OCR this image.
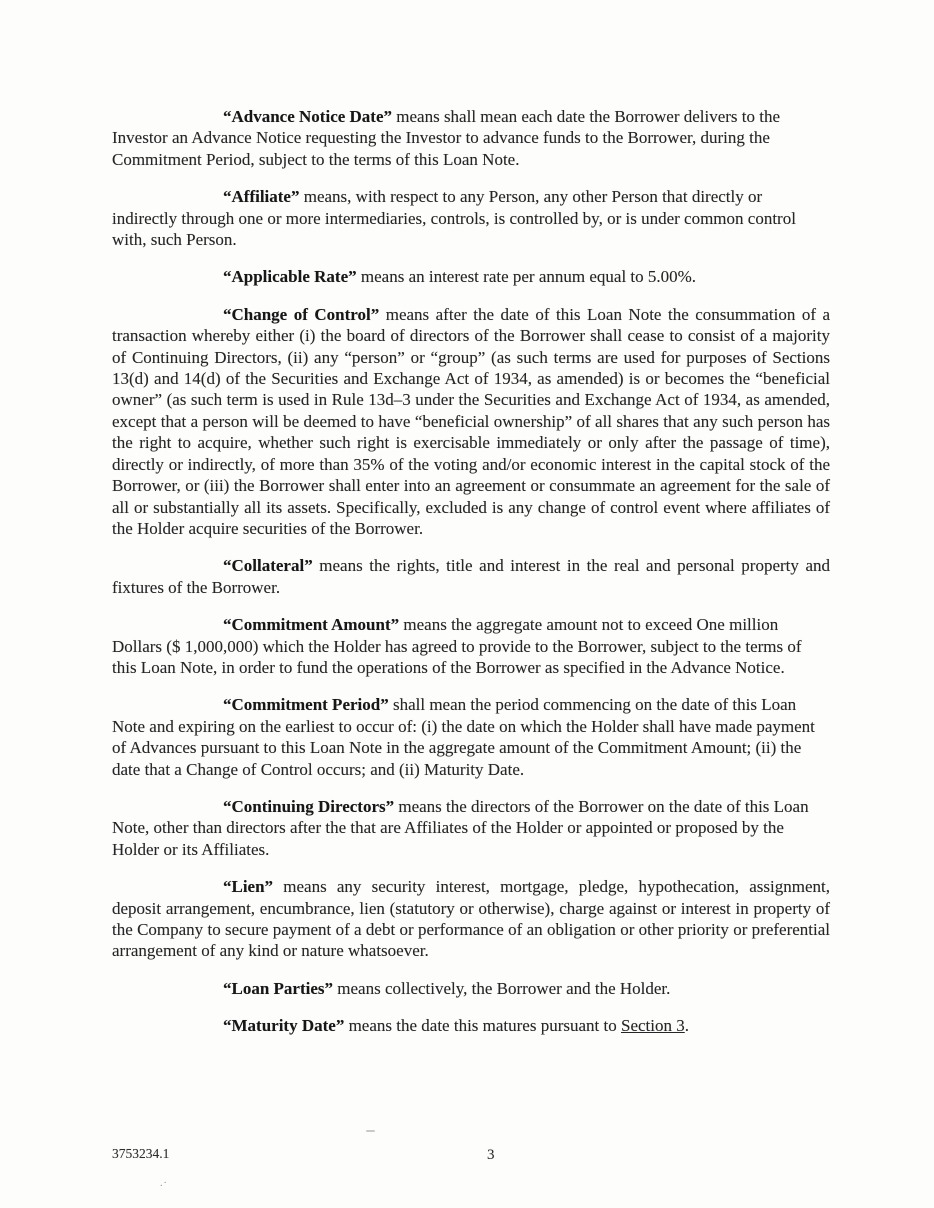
“Advance Notice Date” means shall mean each date the Borrower delivers to the Investor an Advance Notice requesting the Investor to advance funds to the Borrower, during the Commitment Period, subject to the terms of this Loan Note.

“Affiliate” means, with respect to any Person, any other Person that directly or indirectly through one or more intermediaries, controls, is controlled by, or is under common control with, such Person.

“Applicable Rate” means an interest rate per annum equal to 5.00%.

“Change of Control” means after the date of this Loan Note the consummation of a transaction whereby either (i) the board of directors of the Borrower shall cease to consist of a majority of Continuing Directors, (ii) any “person” or “group” (as such terms are used for purposes of Sections 13(d) and 14(d) of the Securities and Exchange Act of 1934, as amended) is or becomes the “beneficial owner” (as such term is used in Rule 13d–3 under the Securities and Exchange Act of 1934, as amended, except that a person will be deemed to have “beneficial ownership” of all shares that any such person has the right to acquire, whether such right is exercisable immediately or only after the passage of time), directly or indirectly, of more than 35% of the voting and/or economic interest in the capital stock of the Borrower, or (iii) the Borrower shall enter into an agreement or consummate an agreement for the sale of all or substantially all its assets. Specifically, excluded is any change of control event where affiliates of the Holder acquire securities of the Borrower.

“Collateral” means the rights, title and interest in the real and personal property and fixtures of the Borrower.

“Commitment Amount” means the aggregate amount not to exceed One million Dollars ($ 1,000,000) which the Holder has agreed to provide to the Borrower, subject to the terms of this Loan Note, in order to fund the operations of the Borrower as specified in the Advance Notice.

“Commitment Period” shall mean the period commencing on the date of this Loan Note and expiring on the earliest to occur of: (i) the date on which the Holder shall have made payment of Advances pursuant to this Loan Note in the aggregate amount of the Commitment Amount; (ii) the date that a Change of Control occurs; and (ii) Maturity Date.

“Continuing Directors” means the directors of the Borrower on the date of this Loan Note, other than directors after the that are Affiliates of the Holder or appointed or proposed by the Holder or its Affiliates.

“Lien” means any security interest, mortgage, pledge, hypothecation, assignment, deposit arrangement, encumbrance, lien (statutory or otherwise), charge against or interest in property of the Company to secure payment of a debt or performance of an obligation or other priority or preferential arrangement of any kind or nature whatsoever.

“Loan Parties” means collectively, the Borrower and the Holder.

“Maturity Date” means the date this matures pursuant to Section 3.

3753234.1	3
.·
